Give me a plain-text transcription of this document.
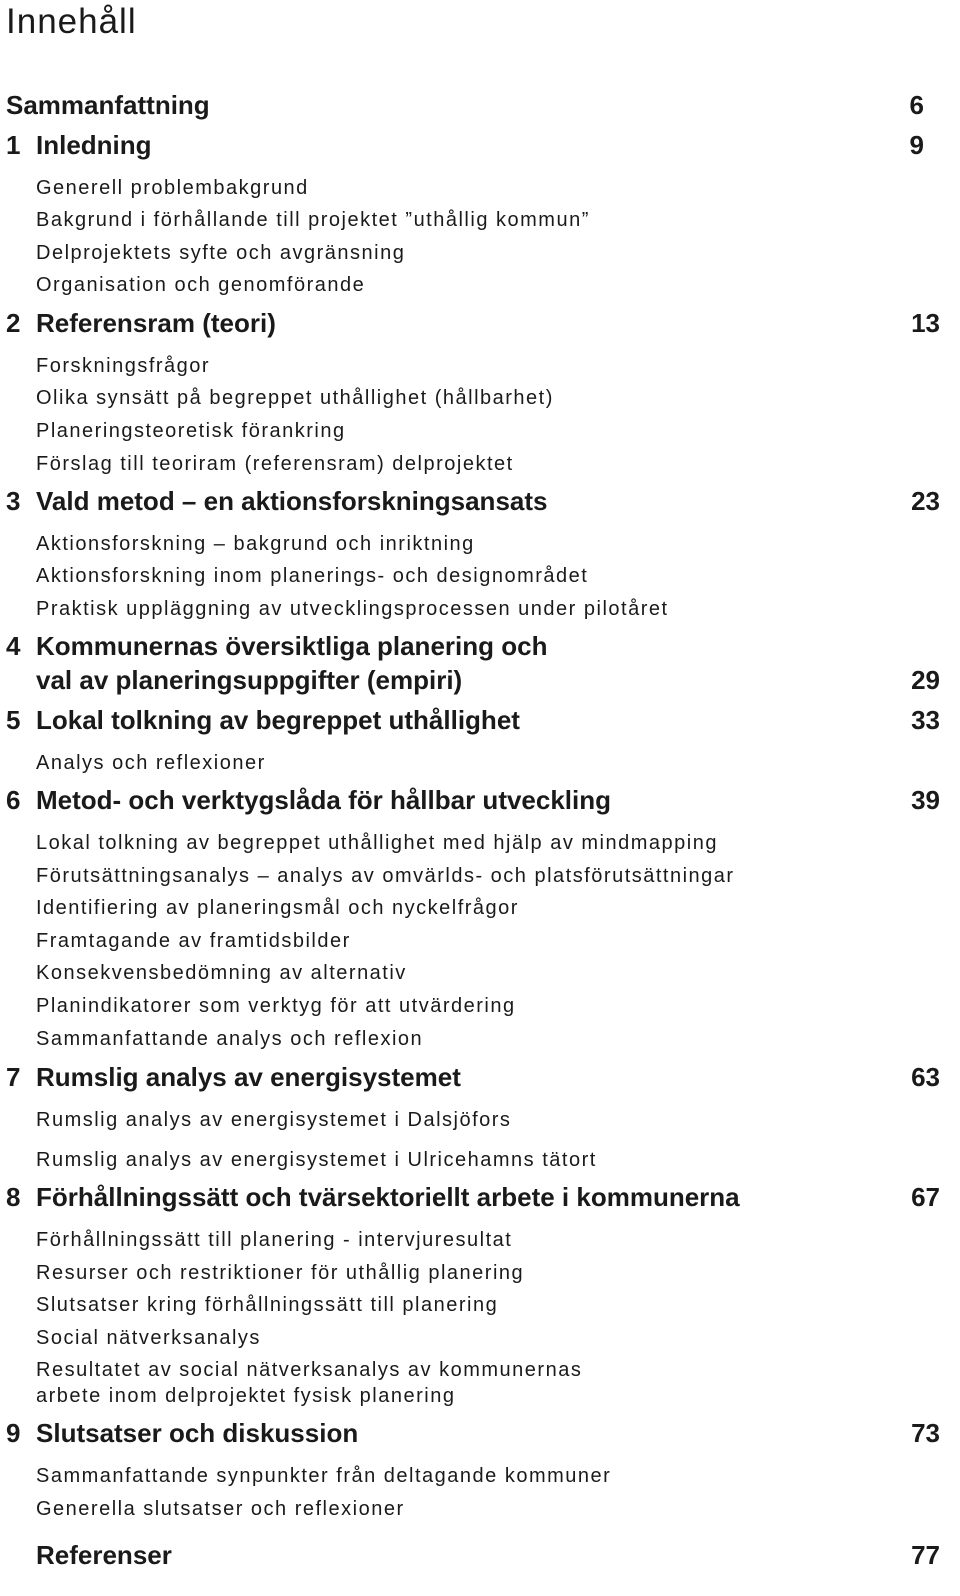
Innehåll
Sammanfattning	6
1 Inledning	9
Generell problembakgrund
Bakgrund i förhållande till projektet ”uthållig kommun”
Delprojektets syfte och avgränsning
Organisation och genomförande
2 Referensram (teori)	13
Forskningsfrågor
Olika synsätt på begreppet uthållighet (hållbarhet)
Planeringsteoretisk förankring
Förslag till teoriram (referensram) delprojektet
3 Vald metod – en aktionsforskningsansats	23
Aktionsforskning – bakgrund och inriktning
Aktionsforskning inom planerings- och designområdet
Praktisk uppläggning av utvecklingsprocessen under pilotåret
4 Kommunernas översiktliga planering och
val av planeringsuppgifter (empiri)	29
5 Lokal tolkning av begreppet uthållighet	33
Analys och reflexioner
6 Metod- och verktygslåda för hållbar utveckling	39
Lokal tolkning av begreppet uthållighet med hjälp av mindmapping
Förutsättningsanalys – analys av omvärlds- och platsförutsättningar
Identifiering av planeringsmål och nyckelfrågor
Framtagande av framtidsbilder
Konsekvensbedömning av alternativ
Planindikatorer som verktyg för att utvärdering
Sammanfattande analys och reflexion
7 Rumslig analys av energisystemet	63
Rumslig analys av energisystemet i Dalsjöfors
Rumslig analys av energisystemet i Ulricehamns tätort
8 Förhållningssätt och tvärsektoriellt arbete i kommunerna	67
Förhållningssätt till planering - intervjuresultat
Resurser och restriktioner för uthållig planering
Slutsatser kring förhållningssätt till planering
Social nätverksanalys
Resultatet av social nätverksanalys av kommunernas
arbete inom delprojektet fysisk planering
9 Slutsatser och diskussion	73
Sammanfattande synpunkter från deltagande kommuner
Generella slutsatser och reflexioner
Referenser	77
